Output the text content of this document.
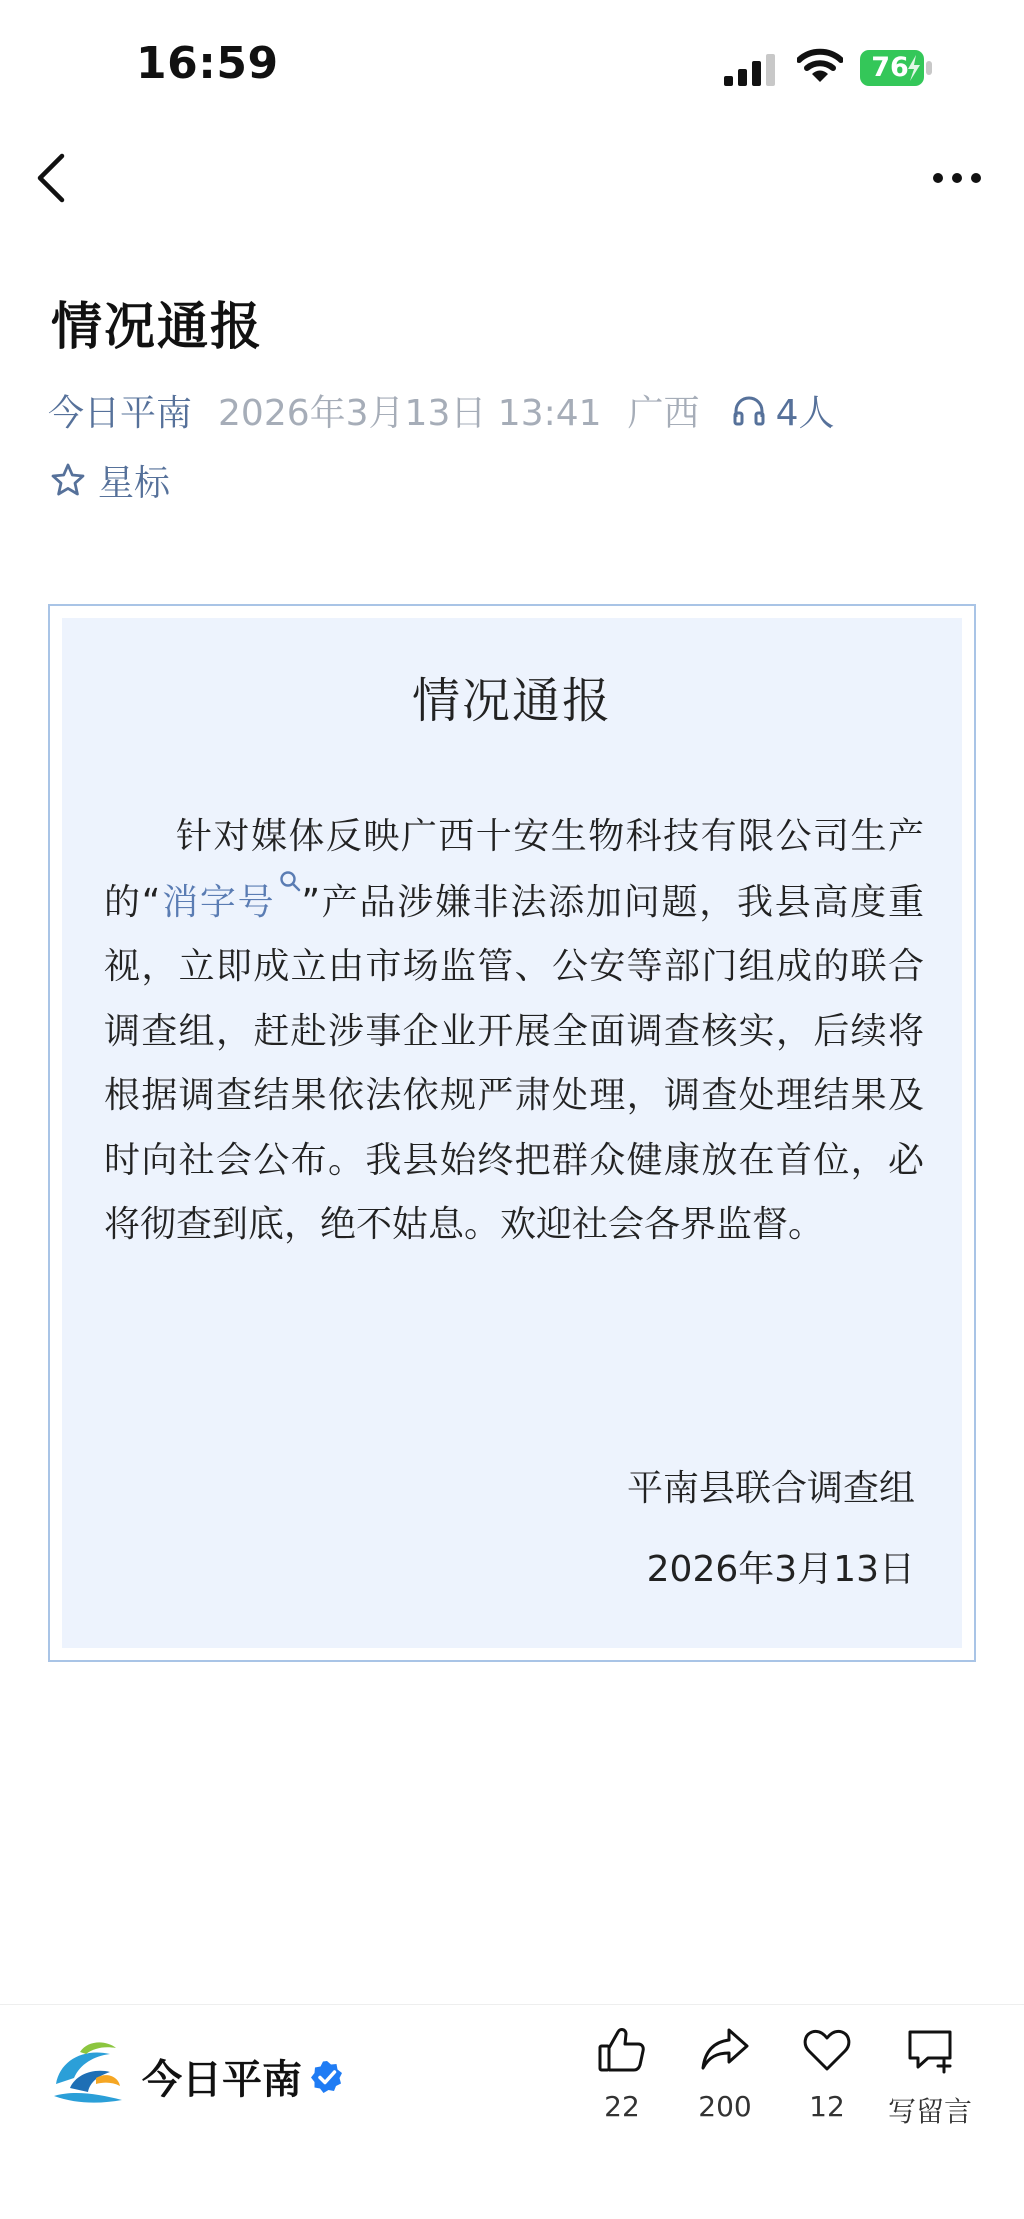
16:59	76
情况通报
今日平南 2026年3月13日 13:41 广西 4人
星标
情况通报

针对媒体反映广西十安生物科技有限公司生产的“消字号 ”产品涉嫌非法添加问题，我县高度重视，立即成立由市场监管、公安等部门组成的联合调查组，赶赴涉事企业开展全面调查核实，后续将根据调查结果依法依规严肃处理，调查处理结果及时向社会公布。我县始终把群众健康放在首位，必将彻查到底，绝不姑息。欢迎社会各界监督。

平南县联合调查组
2026年3月13日
今日平南
22	200	12	写留言
